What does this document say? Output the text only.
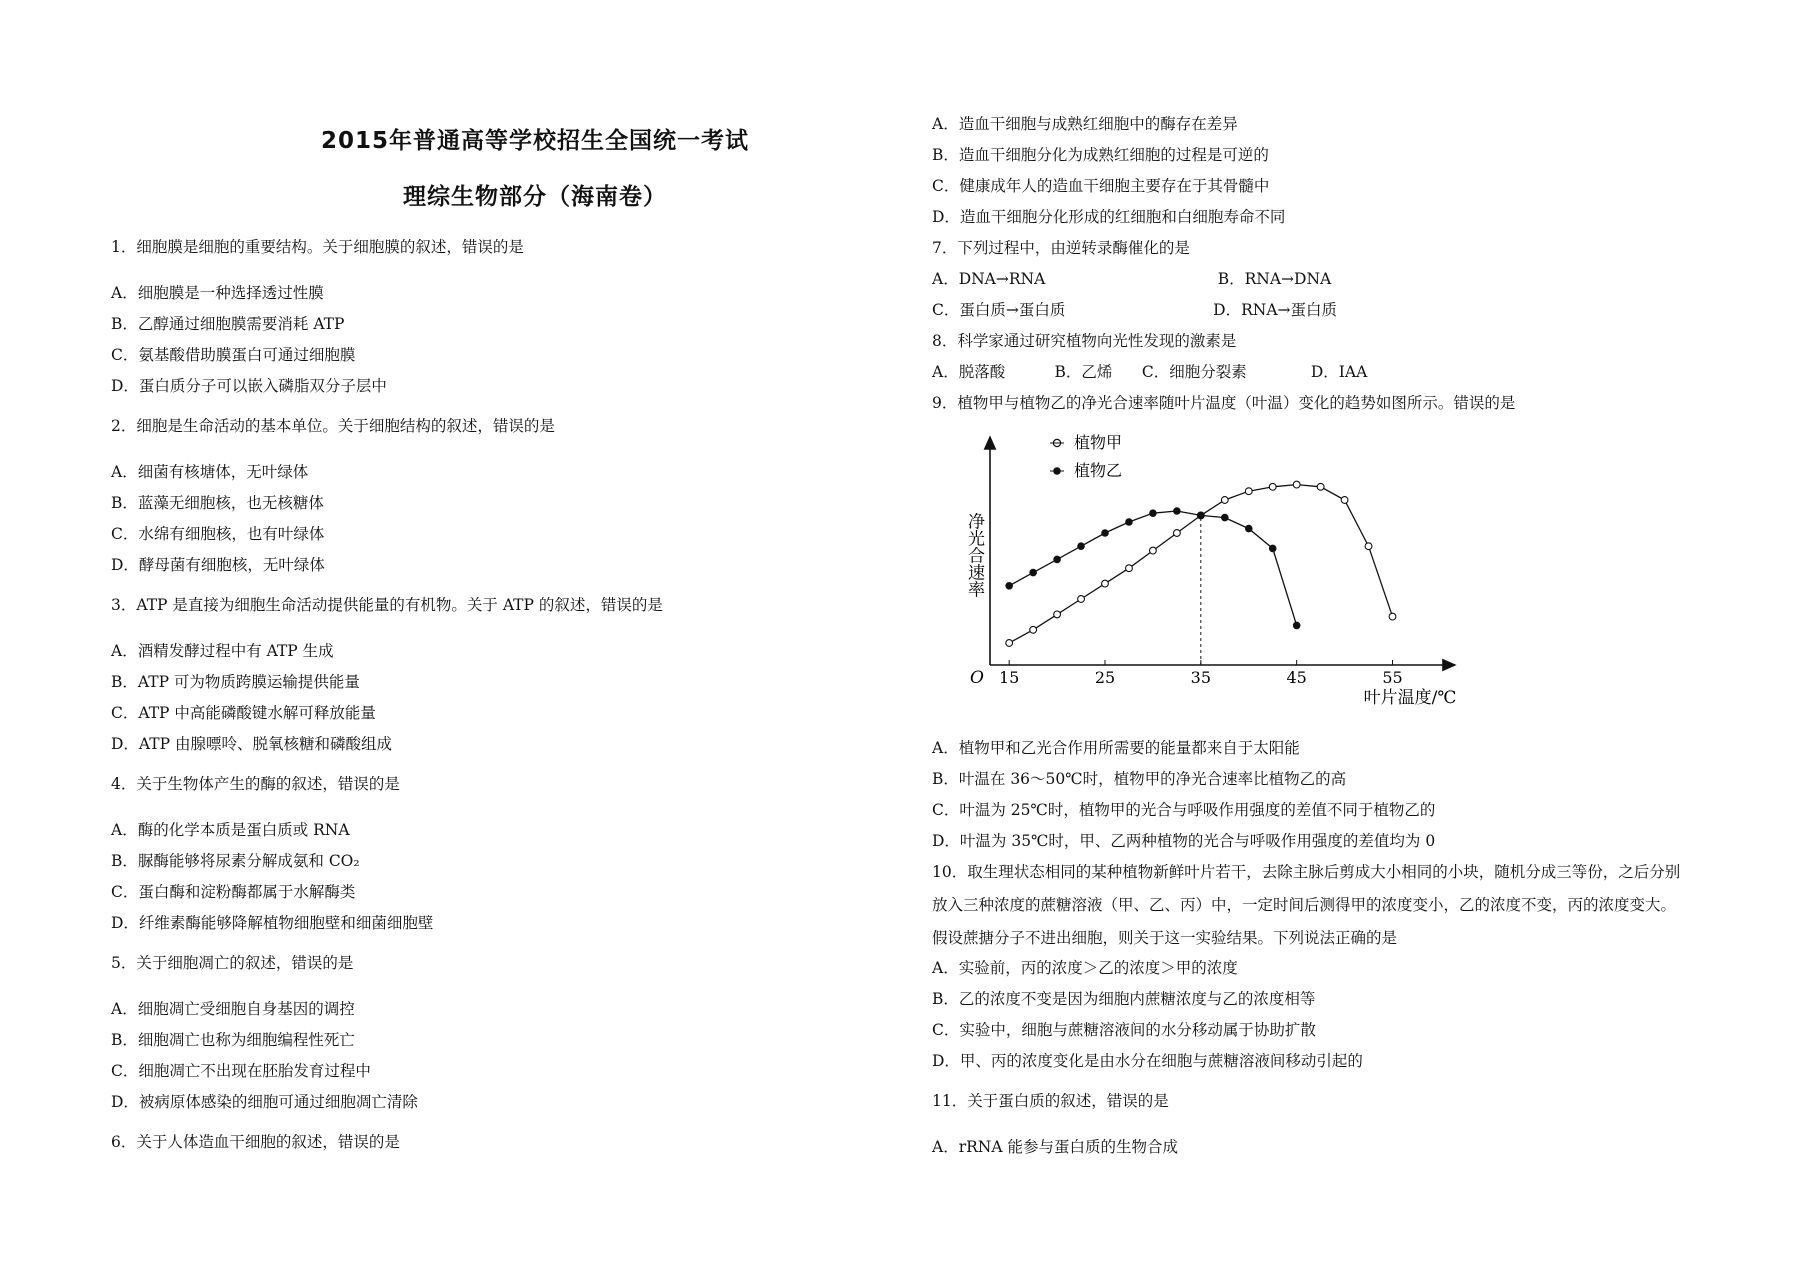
2015年普通高等学校招生全国统一考试
理综生物部分（海南卷）
1．细胞膜是细胞的重要结构。关于细胞膜的叙述，错误的是
A．细胞膜是一种选择透过性膜
B．乙醇通过细胞膜需要消耗 ATP
C．氨基酸借助膜蛋白可通过细胞膜
D．蛋白质分子可以嵌入磷脂双分子层中
2．细胞是生命活动的基本单位。关于细胞结构的叙述，错误的是
A．细菌有核塘体，无叶绿体
B．蓝藻无细胞核，也无核糖体
C．水绵有细胞核，也有叶绿体
D．酵母菌有细胞核，无叶绿体
3．ATP 是直接为细胞生命活动提供能量的有机物。关于 ATP 的叙述，错误的是
A．酒精发酵过程中有 ATP 生成
B．ATP 可为物质跨膜运输提供能量
C．ATP 中高能磷酸键水解可释放能量
D．ATP 由腺嘌呤、脱氧核糖和磷酸组成
4．关于生物体产生的酶的叙述，错误的是
A．酶的化学本质是蛋白质或 RNA
B．脲酶能够将尿素分解成氨和 CO₂
C．蛋白酶和淀粉酶都属于水解酶类
D．纤维素酶能够降解植物细胞壁和细菌细胞壁
5．关于细胞凋亡的叙述，错误的是
A．细胞凋亡受细胞自身基因的调控
B．细胞凋亡也称为细胞编程性死亡
C．细胞凋亡不出现在胚胎发育过程中
D．被病原体感染的细胞可通过细胞凋亡清除
6．关于人体造血干细胞的叙述，错误的是
A．造血干细胞与成熟红细胞中的酶存在差异
B．造血干细胞分化为成熟红细胞的过程是可逆的
C．健康成年人的造血干细胞主要存在于其骨髓中
D．造血干细胞分化形成的红细胞和白细胞寿命不同
7．下列过程中，由逆转录酶催化的是
A．DNA→RNA                                   B．RNA→DNA
C．蛋白质→蛋白质                              D．RNA→蛋白质
8．科学家通过研究植物向光性发现的激素是
A．脱落酸          B．乙烯      C．细胞分裂素             D．IAA
9．植物甲与植物乙的净光合速率随叶片温度（叶温）变化的趋势如图所示。错误的是
O 15	25	35	45	55
净光合速率
叶片温度/℃
植物甲
植物乙
A．植物甲和乙光合作用所需要的能量都来自于太阳能
B．叶温在 36～50℃时，植物甲的净光合速率比植物乙的高
C．叶温为 25℃时，植物甲的光合与呼吸作用强度的差值不同于植物乙的
D．叶温为 35℃时，甲、乙两种植物的光合与呼吸作用强度的差值均为 0
10．取生理状态相同的某种植物新鲜叶片若干，去除主脉后剪成大小相同的小块，随机分成三等份，之后分别
放入三种浓度的蔗糖溶液（甲、乙、丙）中，一定时间后测得甲的浓度变小，乙的浓度不变，丙的浓度变大。
假设蔗搪分子不进出细胞，则关于这一实验结果。下列说法正确的是
A．实验前，丙的浓度＞乙的浓度＞甲的浓度
B．乙的浓度不变是因为细胞内蔗糖浓度与乙的浓度相等
C．实验中，细胞与蔗糖溶液间的水分移动属于协助扩散
D．甲、丙的浓度变化是由水分在细胞与蔗糖溶液间移动引起的
11．关于蛋白质的叙述，错误的是
A．rRNA 能参与蛋白质的生物合成
